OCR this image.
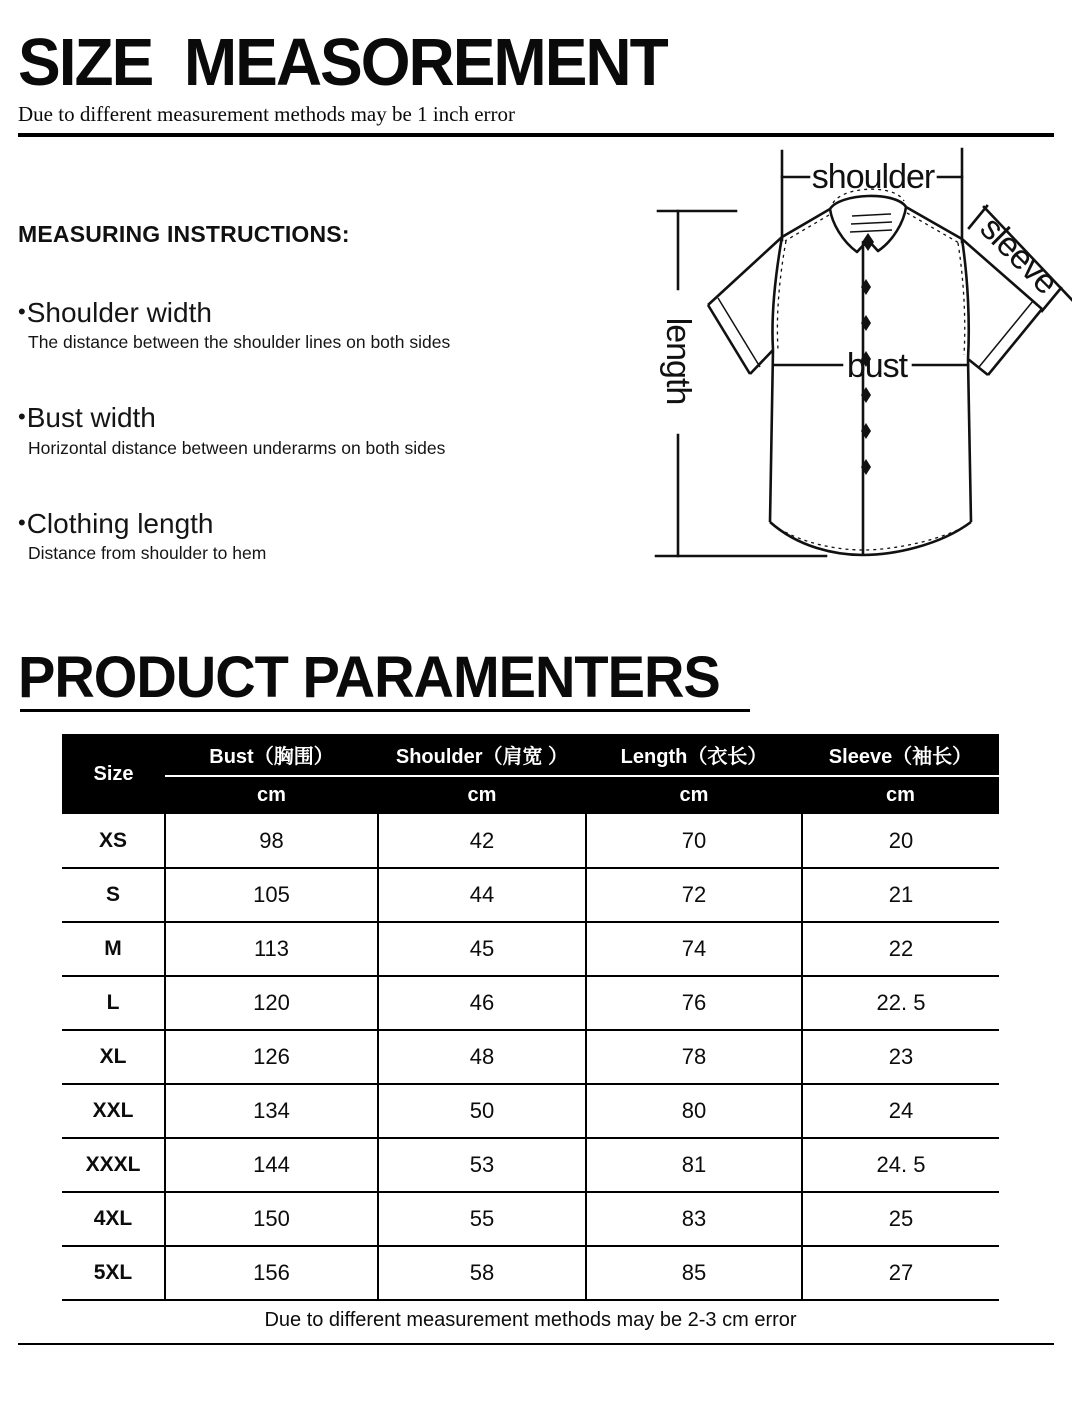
SIZE  MEASOREMENT

Due to different measurement methods may be 1 inch error

MEASURING INSTRUCTIONS:
•Shoulder width
The distance between the shoulder lines on both sides
•Bust width
Horizontal distance between underarms on both sides
•Clothing length
Distance from shoulder to hem
shoulder
sleeve
length	bust
PRODUCT PARAMENTERS
Size	Bust（胸围）	Shoulder（肩宽 ）	Length（衣长）	Sleeve（袖长）
	cm	cm	cm	cm
XS	98	42	70	20
S	105	44	72	21
M	113	45	74	22
L	120	46	76	22. 5
XL	126	48	78	23
XXL	134	50	80	24
XXXL	144	53	81	24. 5
4XL	150	55	83	25
5XL	156	58	85	27

Due to different measurement methods may be 2-3 cm error
